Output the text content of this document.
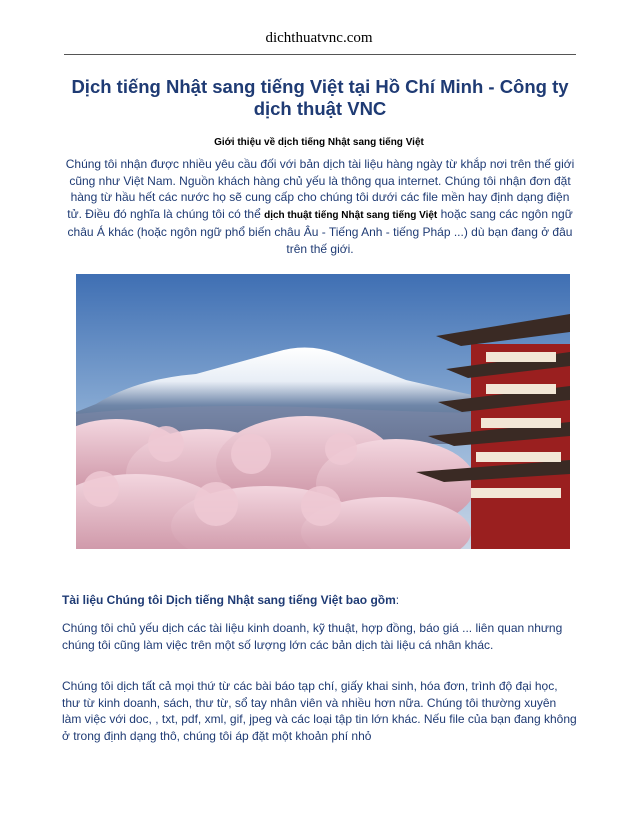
dichthuatvnc.com
Dịch tiếng Nhật sang tiếng Việt tại Hồ Chí Minh - Công ty dịch thuật VNC
Giới thiệu về dịch tiếng Nhật sang tiếng Việt

Chúng tôi nhận được nhiều yêu cầu đối với bản dịch tài liệu hàng ngày từ khắp nơi trên thế giới cũng như Việt Nam. Nguồn khách hàng chủ yếu là thông qua internet. Chúng tôi nhận đơn đặt hàng từ hầu hết các nước họ sẽ cung cấp cho chúng tôi dưới các file mền hay định dạng điện tử. Điều đó nghĩa là chúng tôi có thể dịch thuật tiếng Nhật sang tiếng Việt hoặc sang các ngôn ngữ châu Á khác (hoặc ngôn ngữ phổ biến châu Âu - Tiếng Anh - tiếng Pháp ...) dù bạn đang ở đâu trên thế giới.

Tài liệu Chúng tôi Dịch tiếng Nhật sang tiếng Việt bao gồm:

Chúng tôi chủ yếu dịch các tài liệu kinh doanh, kỹ thuật, hợp đồng, báo giá ... liên quan nhưng chúng tôi cũng làm việc trên một số lượng lớn các bản dịch tài liệu cá nhân khác.

Chúng tôi dịch tất cả mọi thứ từ các bài báo tạp chí, giấy khai sinh, hóa đơn, trình độ đại học, thư từ kinh doanh, sách, thư từ, sổ tay nhân viên và nhiều hơn nữa. Chúng tôi thường xuyên làm việc với doc, , txt, pdf, xml, gif, jpeg và các loại tập tin lớn khác. Nếu file của bạn đang không ở trong định dạng thô, chúng tôi áp đặt một khoản phí nhỏ
